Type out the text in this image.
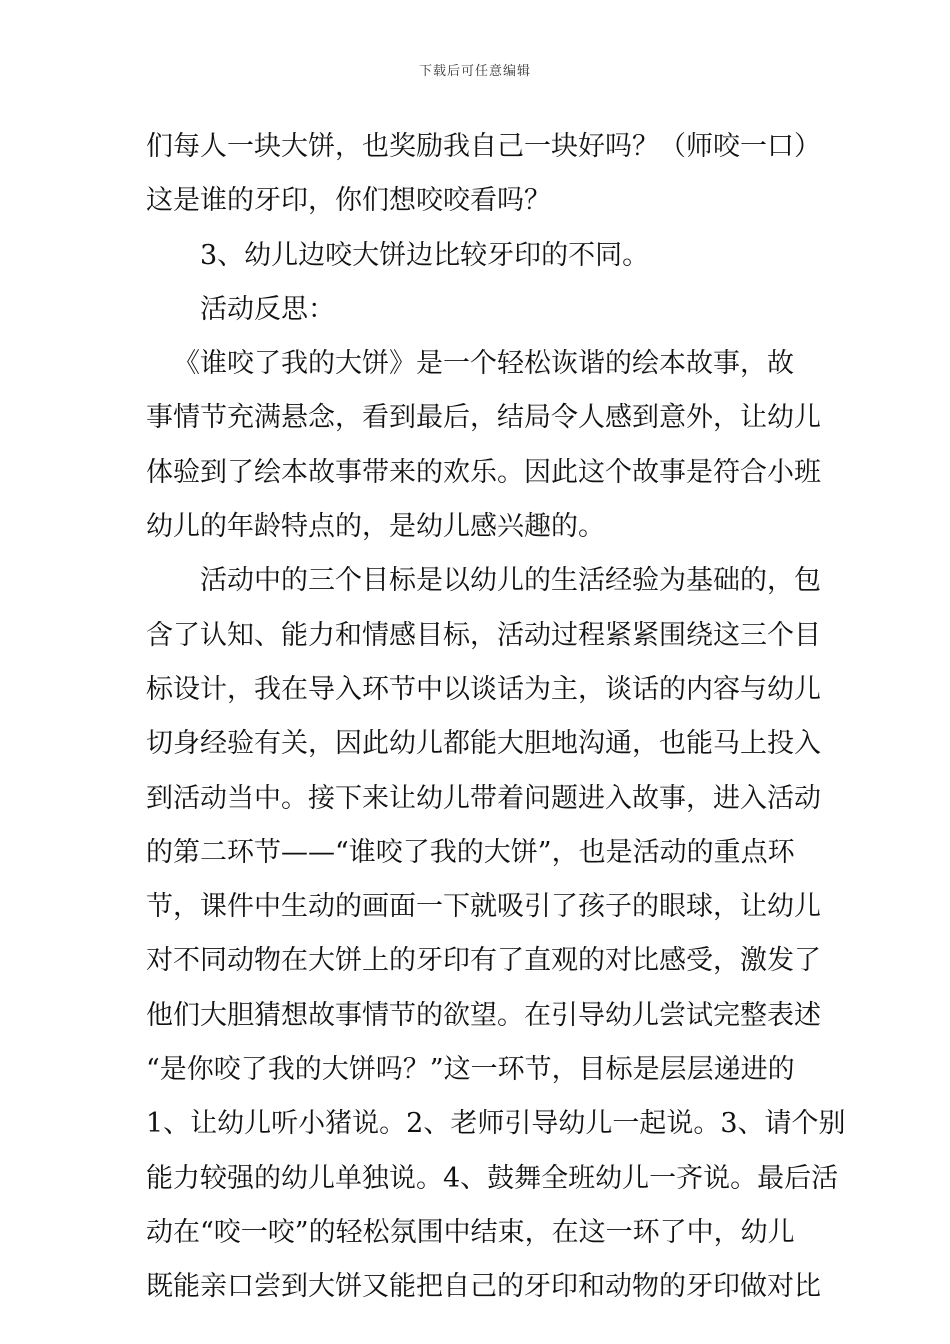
下载后可任意编辑
们每人一块大饼，也奖励我自己一块好吗？（师咬一口）
这是谁的牙印，你们想咬咬看吗？
3、幼儿边咬大饼边比较牙印的不同。
活动反思：
《谁咬了我的大饼》是一个轻松诙谐的绘本故事，故
事情节充满悬念，看到最后，结局令人感到意外，让幼儿
体验到了绘本故事带来的欢乐。因此这个故事是符合小班
幼儿的年龄特点的，是幼儿感兴趣的。
活动中的三个目标是以幼儿的生活经验为基础的，包
含了认知、能力和情感目标，活动过程紧紧围绕这三个目
标设计，我在导入环节中以谈话为主，谈话的内容与幼儿
切身经验有关，因此幼儿都能大胆地沟通，也能马上投入
到活动当中。接下来让幼儿带着问题进入故事，进入活动
的第二环节——“谁咬了我的大饼”，也是活动的重点环
节，课件中生动的画面一下就吸引了孩子的眼球，让幼儿
对不同动物在大饼上的牙印有了直观的对比感受，激发了
他们大胆猜想故事情节的欲望。在引导幼儿尝试完整表述
“是你咬了我的大饼吗？”这一环节，目标是层层递进的
1、让幼儿听小猪说。2、老师引导幼儿一起说。3、请个别
能力较强的幼儿单独说。4、鼓舞全班幼儿一齐说。最后活
动在“咬一咬”的轻松氛围中结束，在这一环了中，幼儿
既能亲口尝到大饼又能把自己的牙印和动物的牙印做对比
